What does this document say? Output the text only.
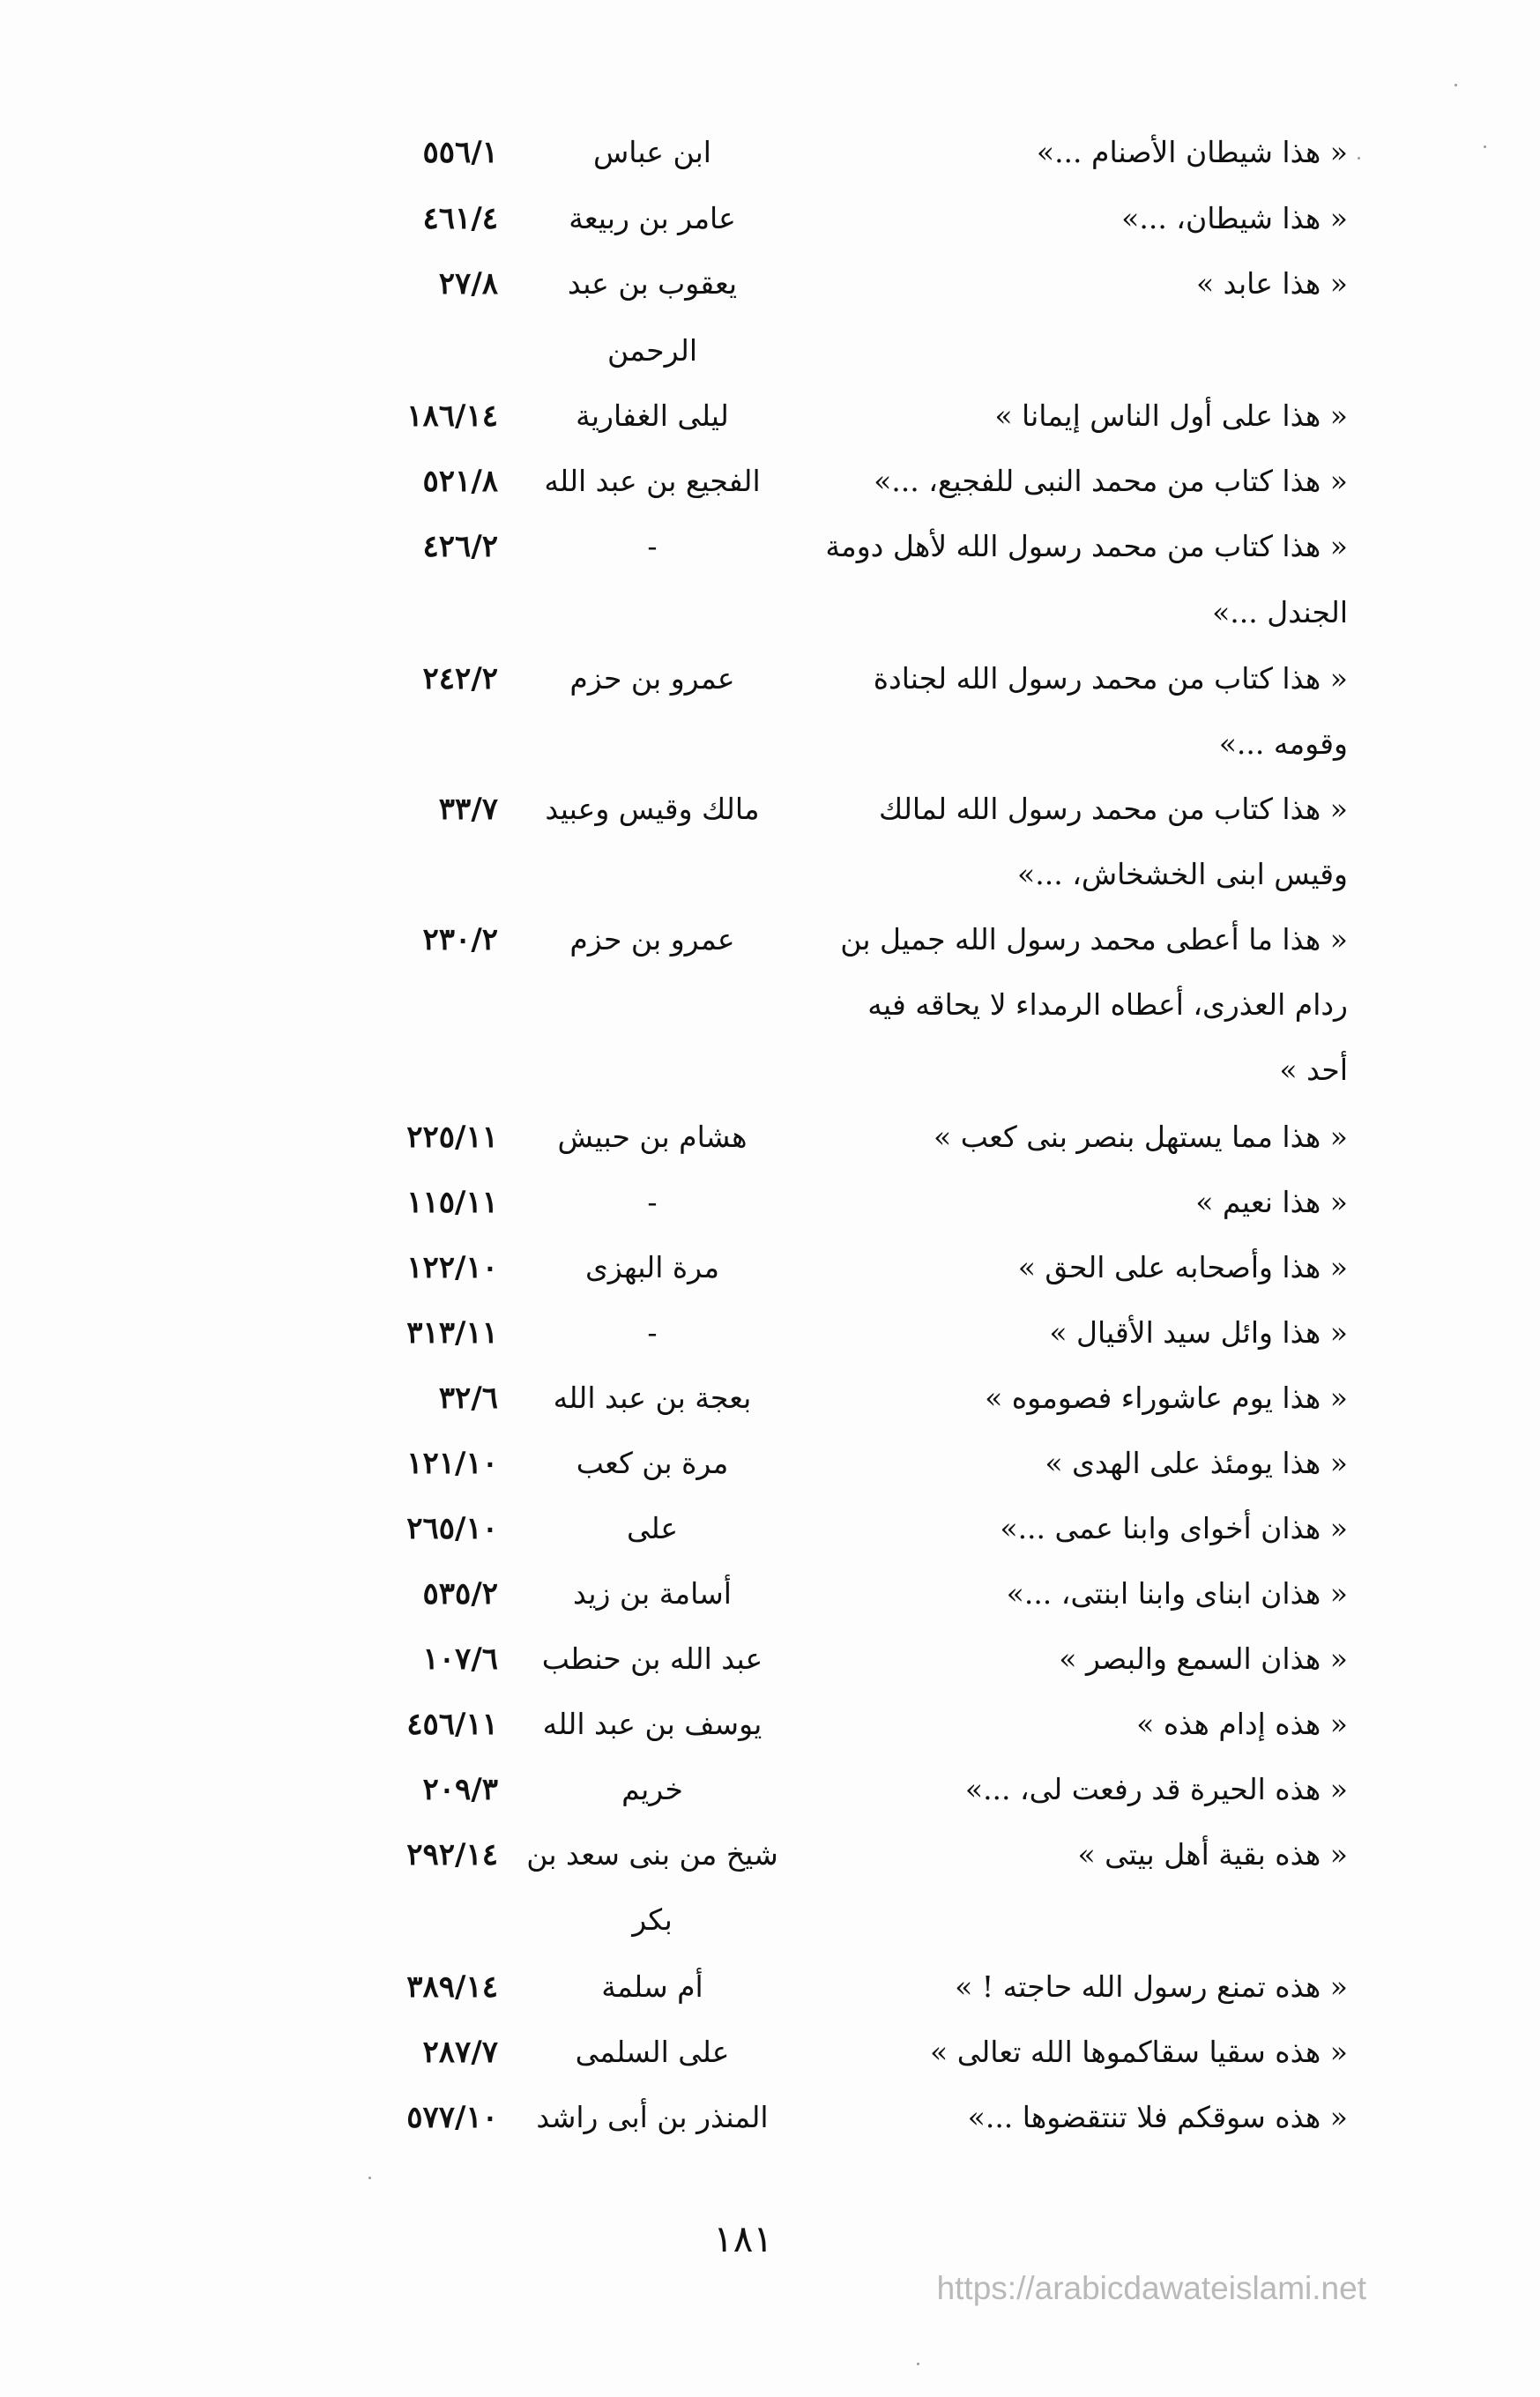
« هذا شيطان الأصنام ...»
ابن عباس
٥٥٦/١
« هذا شيطان، ...»
عامر بن ربيعة
٤٦١/٤
« هذا عابد »
يعقوب بن عبد
٢٧/٨
الرحمن
« هذا على أول الناس إيمانا »
ليلى الغفارية
١٨٦/١٤
« هذا كتاب من محمد النبى للفجيع، ...»
الفجيع بن عبد الله
٥٢١/٨
« هذا كتاب من محمد رسول الله لأهل دومة
-
٤٢٦/٢
الجندل ...»
« هذا كتاب من محمد رسول الله لجنادة
عمرو بن حزم
٢٤٢/٢
وقومه ...»
« هذا كتاب من محمد رسول الله لمالك
مالك وقيس وعبيد
٣٣/٧
وقيس ابنى الخشخاش، ...»
« هذا ما أعطى محمد رسول الله جميل بن
عمرو بن حزم
٢٣٠/٢
ردام العذرى، أعطاه الرمداء لا يحاقه فيه
أحد »
« هذا مما يستهل بنصر بنى كعب »
هشام بن حبيش
٢٢٥/١١
« هذا نعيم »
-
١١٥/١١
« هذا وأصحابه على الحق »
مرة البهزى
١٢٢/١٠
« هذا وائل سيد الأقيال »
-
٣١٣/١١
« هذا يوم عاشوراء فصوموه »
بعجة بن عبد الله
٣٢/٦
« هذا يومئذ على الهدى »
مرة بن كعب
١٢١/١٠
« هذان أخواى وابنا عمى ...»
على
٢٦٥/١٠
« هذان ابناى وابنا ابنتى، ...»
أسامة بن زيد
٥٣٥/٢
« هذان السمع والبصر »
عبد الله بن حنطب
١٠٧/٦
« هذه إدام هذه »
يوسف بن عبد الله
٤٥٦/١١
« هذه الحيرة قد رفعت لى، ...»
خريم
٢٠٩/٣
« هذه بقية أهل بيتى »
شيخ من بنى سعد بن
٢٩٢/١٤
بكر
« هذه تمنع رسول الله حاجته ! »
أم سلمة
٣٨٩/١٤
« هذه سقيا سقاكموها الله تعالى »
على السلمى
٢٨٧/٧
« هذه سوقكم فلا تنتقضوها ...»
المنذر بن أبى راشد
٥٧٧/١٠
١٨١
https://arabicdawateislami.net
